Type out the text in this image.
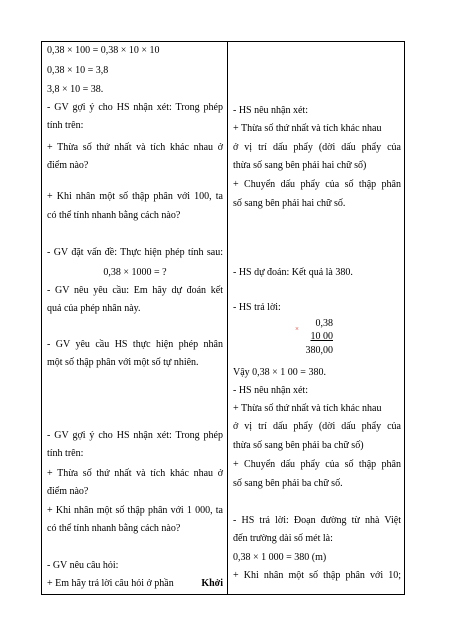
0,38 × 100 = 0,38 × 10 × 10
0,38 × 10 = 3,8
3,8 × 10 = 38.
- GV gợi ý cho HS nhận xét: Trong phép
tính trên:
+ Thừa số thứ nhất và tích khác nhau ở
điểm nào?
+ Khi nhân một số thập phân với 100, ta
có thể tính nhanh bằng cách nào?
- GV đặt vấn đề: Thực hiện phép tính sau:
0,38 × 1000 = ?
- GV nêu yêu cầu: Em hãy dự đoán kết
quả của phép nhân này.
- GV yêu cầu HS thực hiện phép nhân
một số thập phân với một số tự nhiên.
- GV gợi ý cho HS nhận xét: Trong phép
tính trên:
+ Thừa số thứ nhất và tích khác nhau ở
điểm nào?
+ Khi nhân một số thập phân với 1 000, ta
có thể tính nhanh bằng cách nào?
- GV nêu câu hỏi:
+ Em hãy trả lời câu hỏi ở phần	Khởi
- HS nêu nhận xét:
+ Thừa số thứ nhất và tích khác nhau
ở vị trí dấu phẩy (dời dấu phẩy của
thừa số sang bên phải hai chữ số)
+ Chuyển dấu phẩy của số thập phân
số sang bên phải hai chữ số.
- HS dự đoán: Kết quả là 380.
- HS trả lời:
×	0,38
10 00
380,00
Vậy 0,38 × 1 00 = 380.
- HS nêu nhận xét:
+ Thừa số thứ nhất và tích khác nhau
ở vị trí dấu phẩy (dời dấu phẩy của
thừa số sang bên phải ba chữ số)
+ Chuyển dấu phẩy của số thập phân
số sang bên phải ba chữ số.
- HS trả lời: Đoạn đường từ nhà Việt
đến trường dài số mét là:
0,38 × 1 000 = 380 (m)
+ Khi nhân một số thập phân với 10;
